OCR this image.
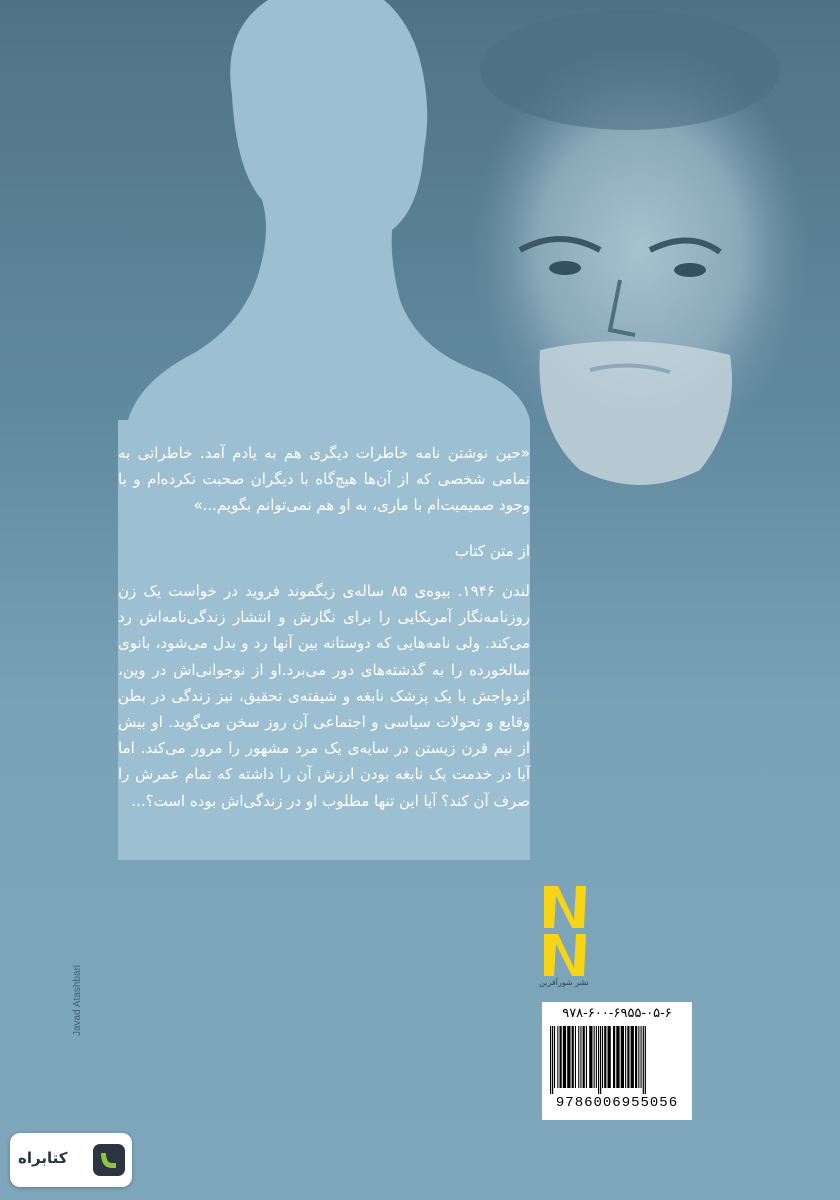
«حین نوشتن نامه خاطرات دیگری هم به یادم آمد. خاطراتی به تمامی شخصی که از آن‌ها هیچ‌گاه با دیگران صحبت نکرده‌ام و با وجود صمیمیت‌ام با ماری، به او هم نمی‌توانم بگویم...»

از متن کتاب

لندن ۱۹۴۶. بیوه‌ی ۸۵ ساله‌ی زیگموند فروید در خواست یک زن روزنامه‌نگار آمریکایی را برای نگارش و انتشار زندگی‌نامه‌اش رد می‌کند. ولی نامه‌هایی که دوستانه بین آنها رد و بدل می‌شود، بانوی سالخورده را به گذشته‌های دور می‌برد.او از نوجوانی‌اش در وین، ازدواجش با یک پزشک نابغه و شیفته‌ی تحقیق، نیز زندگی در بطن وقایع و تحولات سیاسی و اجتماعی آن روز سخن می‌گوید. او بیش از نیم قرن زیستن در سایه‌ی یک مرد مشهور را مرور می‌کند. اما آیا در خدمت یک نابغه بودن ارزش آن را داشته که تمام عمرش را صرف آن کند؟ آیا این تنها مطلوب او در زندگی‌اش بوده است؟...

Javad Atashbari	نشر شورآفرین
۹۷۸-۶۰۰-۶۹۵۵-۰۵-۶
9786006955056
کتابراه
